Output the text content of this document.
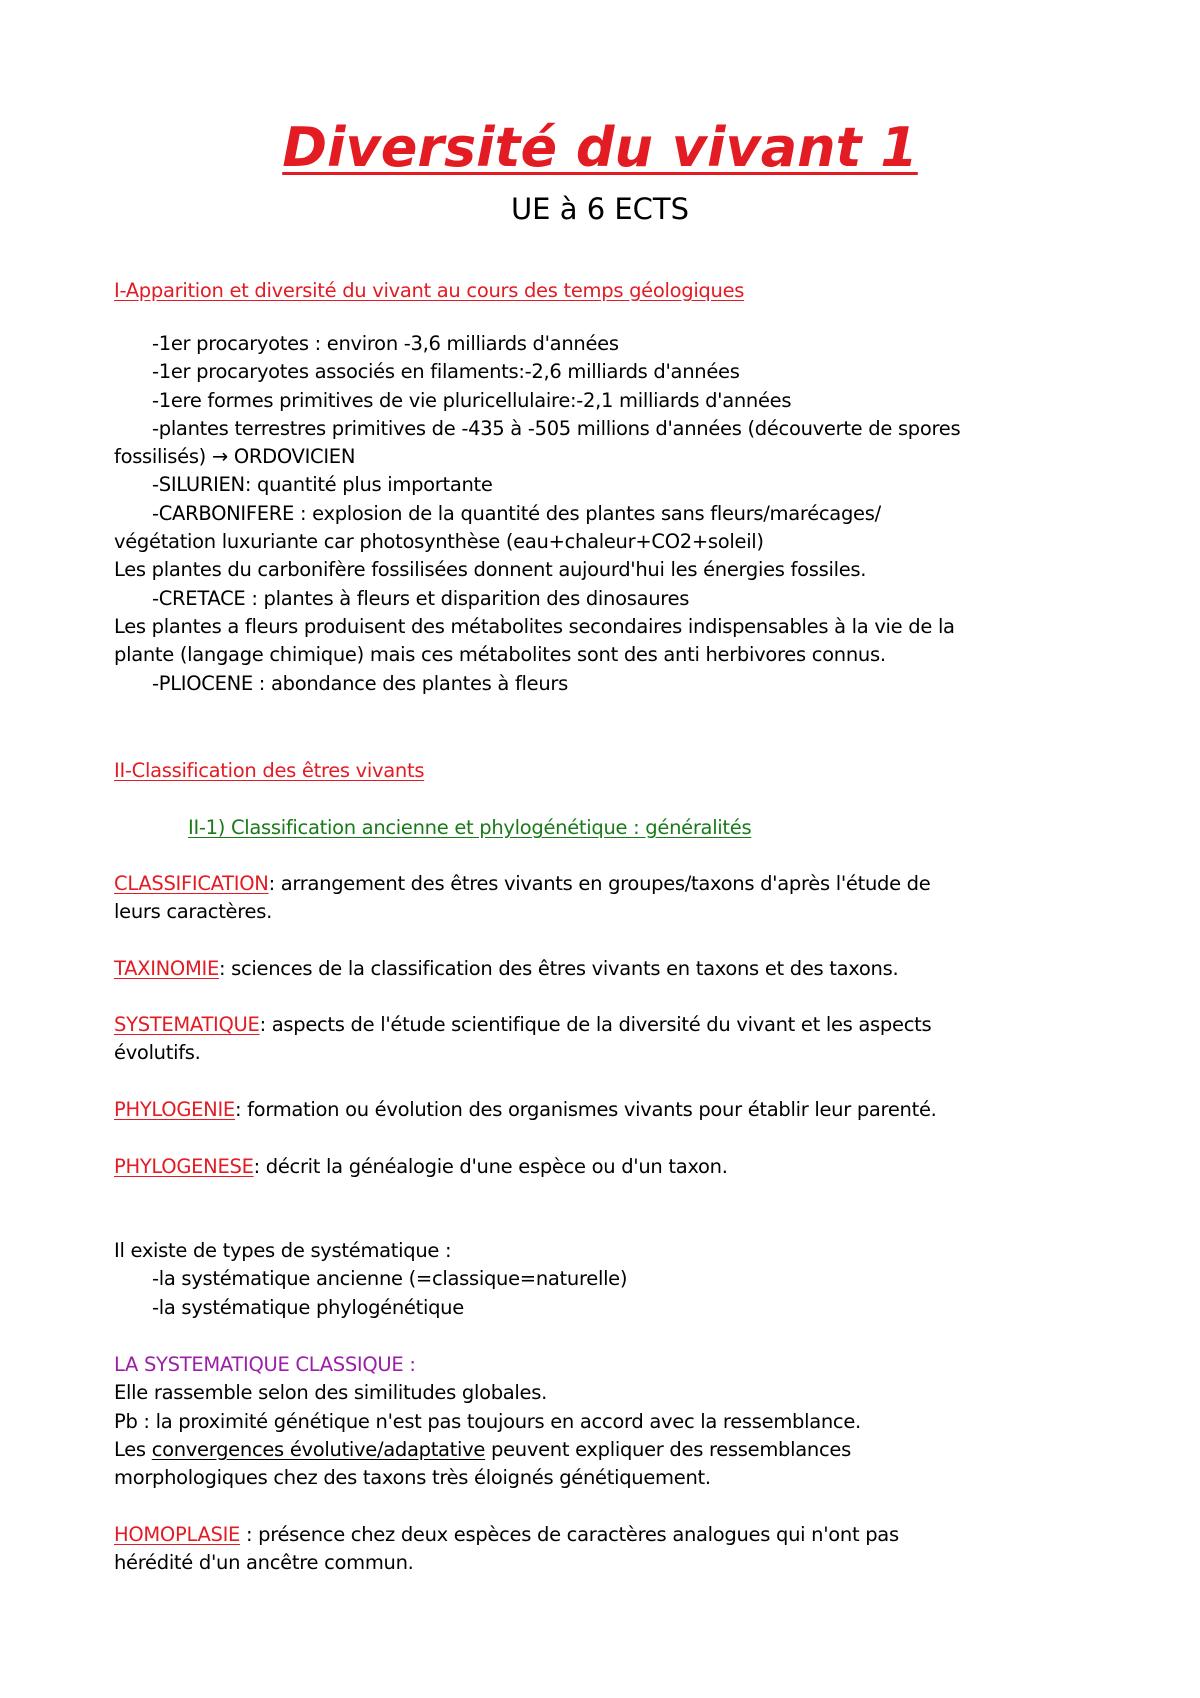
Diversité du vivant 1
UE à 6 ECTS
I-Apparition et diversité du vivant au cours des temps géologiques
-1er procaryotes : environ -3,6 milliards d'années
-1er procaryotes associés en filaments:-2,6 milliards d'années
-1ere formes primitives de vie pluricellulaire:-2,1 milliards d'années
-plantes terrestres primitives de -435 à -505 millions d'années (découverte de spores
fossilisés) → ORDOVICIEN
-SILURIEN: quantité plus importante
-CARBONIFERE : explosion de la quantité des plantes sans fleurs/marécages/
végétation luxuriante car photosynthèse (eau+chaleur+CO2+soleil)
Les plantes du carbonifère fossilisées donnent aujourd'hui les énergies fossiles.
-CRETACE : plantes à fleurs et disparition des dinosaures
Les plantes a fleurs produisent des métabolites secondaires indispensables à la vie de la
plante (langage chimique) mais ces métabolites sont des anti herbivores connus.
-PLIOCENE : abondance des plantes à fleurs
II-Classification des êtres vivants
II-1) Classification ancienne et phylogénétique : généralités
CLASSIFICATION: arrangement des êtres vivants en groupes/taxons d'après l'étude de
leurs caractères.
TAXINOMIE: sciences de la classification des êtres vivants en taxons et des taxons.
SYSTEMATIQUE: aspects de l'étude scientifique de la diversité du vivant et les aspects
évolutifs.
PHYLOGENIE: formation ou évolution des organismes vivants pour établir leur parenté.
PHYLOGENESE: décrit la généalogie d'une espèce ou d'un taxon.
Il existe de types de systématique :
-la systématique ancienne (=classique=naturelle)
-la systématique phylogénétique
LA SYSTEMATIQUE CLASSIQUE :
Elle rassemble selon des similitudes globales.
Pb : la proximité génétique n'est pas toujours en accord avec la ressemblance.
Les convergences évolutive/adaptative peuvent expliquer des ressemblances
morphologiques chez des taxons très éloignés génétiquement.
HOMOPLASIE : présence chez deux espèces de caractères analogues qui n'ont pas
hérédité d'un ancêtre commun.
